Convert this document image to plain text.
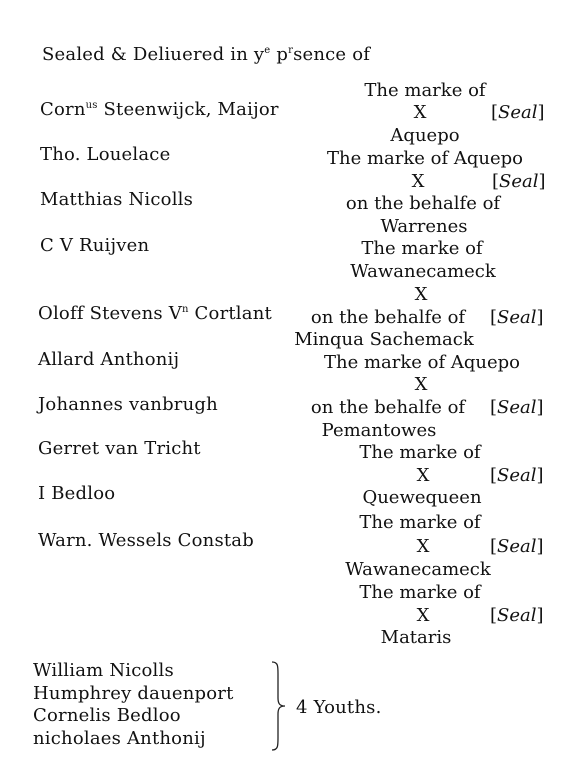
Sealed & Deliuered in $y^e$ $p^rsence$ of
Corn$^{us}$ Steenwijck, Maijor
Tho. Louelace
Matthias Nicolls
C V Ruijven
Oloff Stevens $V^n$ Cortlant
Allard Anthonij
Johannes vanbrugh
Gerret van Tricht
I Bedloo
Warn. Wessels Constab
The marke of
X
Aquepo
The marke of Aquepo
X
on the behalfe of
Warrenes
The marke of
Wawanecameck
X
on the behalfe of
Minqua Sachemack
The marke of Aquepo
X
on the behalfe of
Pemantowes
The marke of
X
Quewequeen
The marke of
X
Wawanecameck
The marke of
X
Mataris
[Seal]
[Seal]
[Seal]
[Seal]
[Seal]
[Seal]
[Seal]
William Nicolls
Humphrey dauenport
Cornelis Bedloo
nicholaes Anthonij
4 Youths.
